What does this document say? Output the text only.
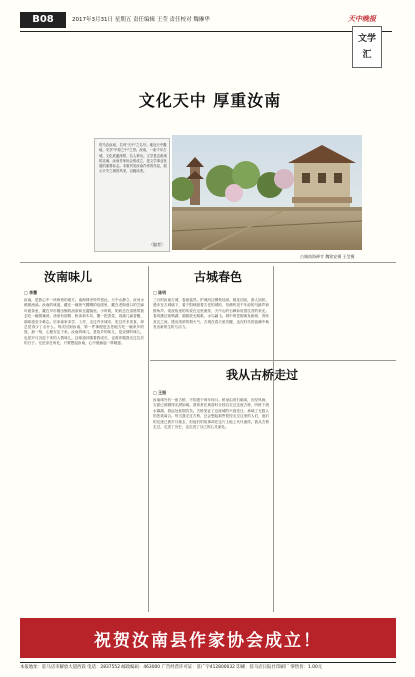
B08	2017年3月31日 星期五 责任编辑 王莹 责任校对 魏琳华	天中晚报
文学
汇
文化天中 厚重汝南
驻马店汝南，名列"天中"之名号。地处天中腹地，安享"中原之中"之誉。汝南，一座千年古城，文化底蕴深厚，名人辈出。文学是这座城的灵魂，汝南作家协会的成立，是文学事业发展的重要标志。本版刊发汝南作家的作品，展示天中之城的风采，以飨读者。
（编者）
古城南海禅寺 魏铭安摄 王莹摄
汝南味儿
□ 李慧
汝南，是我心中一块珍贵的地方。南海禅寺钟声悠远，天中山静立，汝河水缓缓流淌。汝南的味道，藏在一碗热气腾腾的烩面里，藏在老街巷口的芝麻叶面条里，藏在早市刚出锅的油条和豆腐脑里。小时候，奶奶总在清晨带我去吃一碗胡辣汤，汤里有面筋、粉条和木耳，撒一把香菜，再滴几滴香醋，那味道至今难忘。后来离家求学、工作，走过许多城市，吃过许多美食，却总觉得少了点什么。每次回到汝南，第一件事便是去老地方吃一碗家乡的饭，那一刻，心便安定下来。汝南的味儿，是故乡的味儿，是亲情的味儿，也是岁月沉淀下来的人情味儿。这味道伴随着我成长，也将伴随我走过往后的日子。无论身在何处，只要想起汝南，心中便涌起一阵暖意。
古城春色
□ 陈明
三月的汝南古城，春意盎然。护城河边柳枝吐绿，桃花初绽，游人如织。漫步在古城墙下，看夕阳映照着古老的城垣，仿佛听见千年前的马蹄声和鼓角声。梁祝故里的传说在这里流传，天中山的石碑诉说着往昔的荣光。春风拂过宿鸭湖，湖面波光粼粼，水鸟翩飞。城中的老街焕发新颜，青砖灰瓦之间，透出浓浓的烟火气。古城在春天里苏醒，也在时代的浪潮中焕发出新的生机与活力。
我从古桥走过
□ 王振
汝南城外有一座古桥，不知建于何年何月。桥身由青石砌成，历经风雨，石面已被磨得光滑如镜。我常常在黄昏时分独自走过这座古桥，听桥下流水潺潺，看远处炊烟袅袅。古桥见证了这座城的兴衰变迁，承载了无数人的悲欢离合。每当我走过古桥，总会想起那些曾经走过这里的人们，他们的足迹已被岁月抹去，但他们的故事却在这片土地上代代流传。我从古桥走过，走进了历史，也走进了自己的心灵深处。
祝贺汝南县作家协会成立！
本报地址：驻马店市解放大道西段 电话：2837552 邮政编码：463000 广告经营许可证：驻广字412800032 印刷：驻马店日报社印刷厂 零售价：1.00元
